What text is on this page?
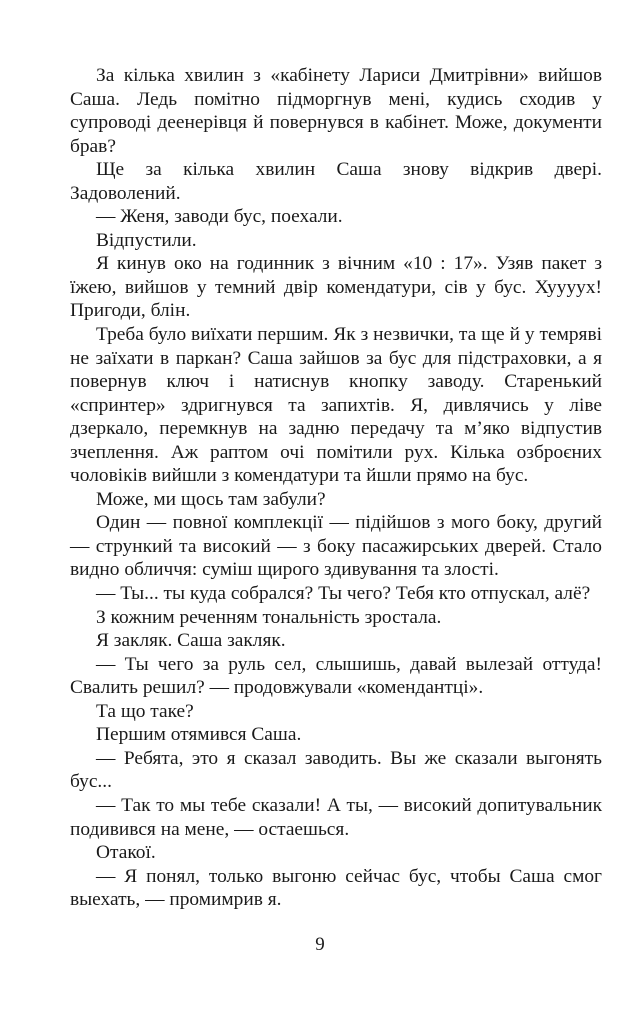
За кілька хвилин з «кабінету Лариси Дмитрівни» вийшов Саша. Ледь помітно підморгнув мені, кудись сходив у супроводі деенерівця й повернувся в кабінет. Може, документи брав?

Ще за кілька хвилин Саша знову відкрив двері. Задоволений.

— Женя, заводи бус, поехали.

Відпустили.

Я кинув око на годинник з вічним «10 : 17». Узяв пакет з їжею, вийшов у темний двір комендатури, сів у бус. Хууууx! Пригоди, блін.

Треба було виїхати першим. Як з незвички, та ще й у темряві не заїхати в паркан? Саша зайшов за бус для підстраховки, а я повернув ключ і натиснув кнопку заводу. Старенький «спринтер» здригнувся та запихтів. Я, дивлячись у ліве дзеркало, перемкнув на задню передачу та м’яко відпустив зчеплення. Аж раптом очі помітили рух. Кілька озброєних чоловіків вийшли з комендатури та йшли прямо на бус.

Може, ми щось там забули?

Один — повної комплекції — підійшов з мого боку, другий — стрункий та високий — з боку пасажирських дверей. Стало видно обличчя: суміш щирого здивування та злості.

— Ты... ты куда собрался? Ты чего? Тебя кто отпускал, алё?

З кожним реченням тональність зростала.

Я закляк. Саша закляк.

— Ты чего за руль сел, слышишь, давай вылезай оттуда! Свалить решил? — продовжували «комендантці».

Та що таке?

Першим отямився Саша.

— Ребята, это я сказал заводить. Вы же сказали выгонять бус...

— Так то мы тебе сказали! А ты, — високий допитувальник подивився на мене, — остаешься.

Отакої.

— Я понял, только выгоню сейчас бус, чтобы Саша смог выехать, — промимрив я.

9
